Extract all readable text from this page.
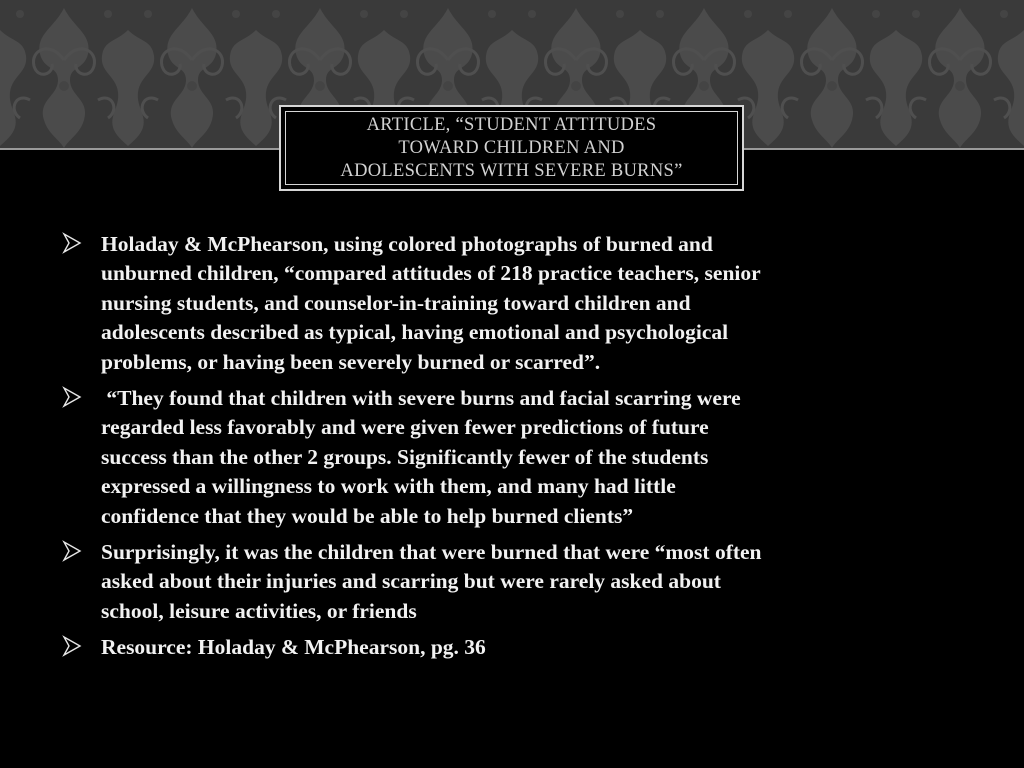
ARTICLE, “STUDENT ATTITUDES
TOWARD CHILDREN AND
ADOLESCENTS WITH SEVERE BURNS”

Holaday & McPhearson, using colored photographs of burned and
unburned children, “compared attitudes of 218 practice teachers, senior
nursing students, and counselor-in-training toward children and
adolescents described as typical, having emotional and psychological
problems, or having been severely burned or scarred”.

“They found that children with severe burns and facial scarring were
regarded less favorably and were given fewer predictions of future
success than the other 2 groups. Significantly fewer of the students
expressed a willingness to work with them, and many had little
confidence that they would be able to help burned clients”

Surprisingly, it was the children that were burned that were “most often
asked about their injuries and scarring but were rarely asked about
school, leisure activities, or friends

Resource: Holaday & McPhearson, pg. 36
